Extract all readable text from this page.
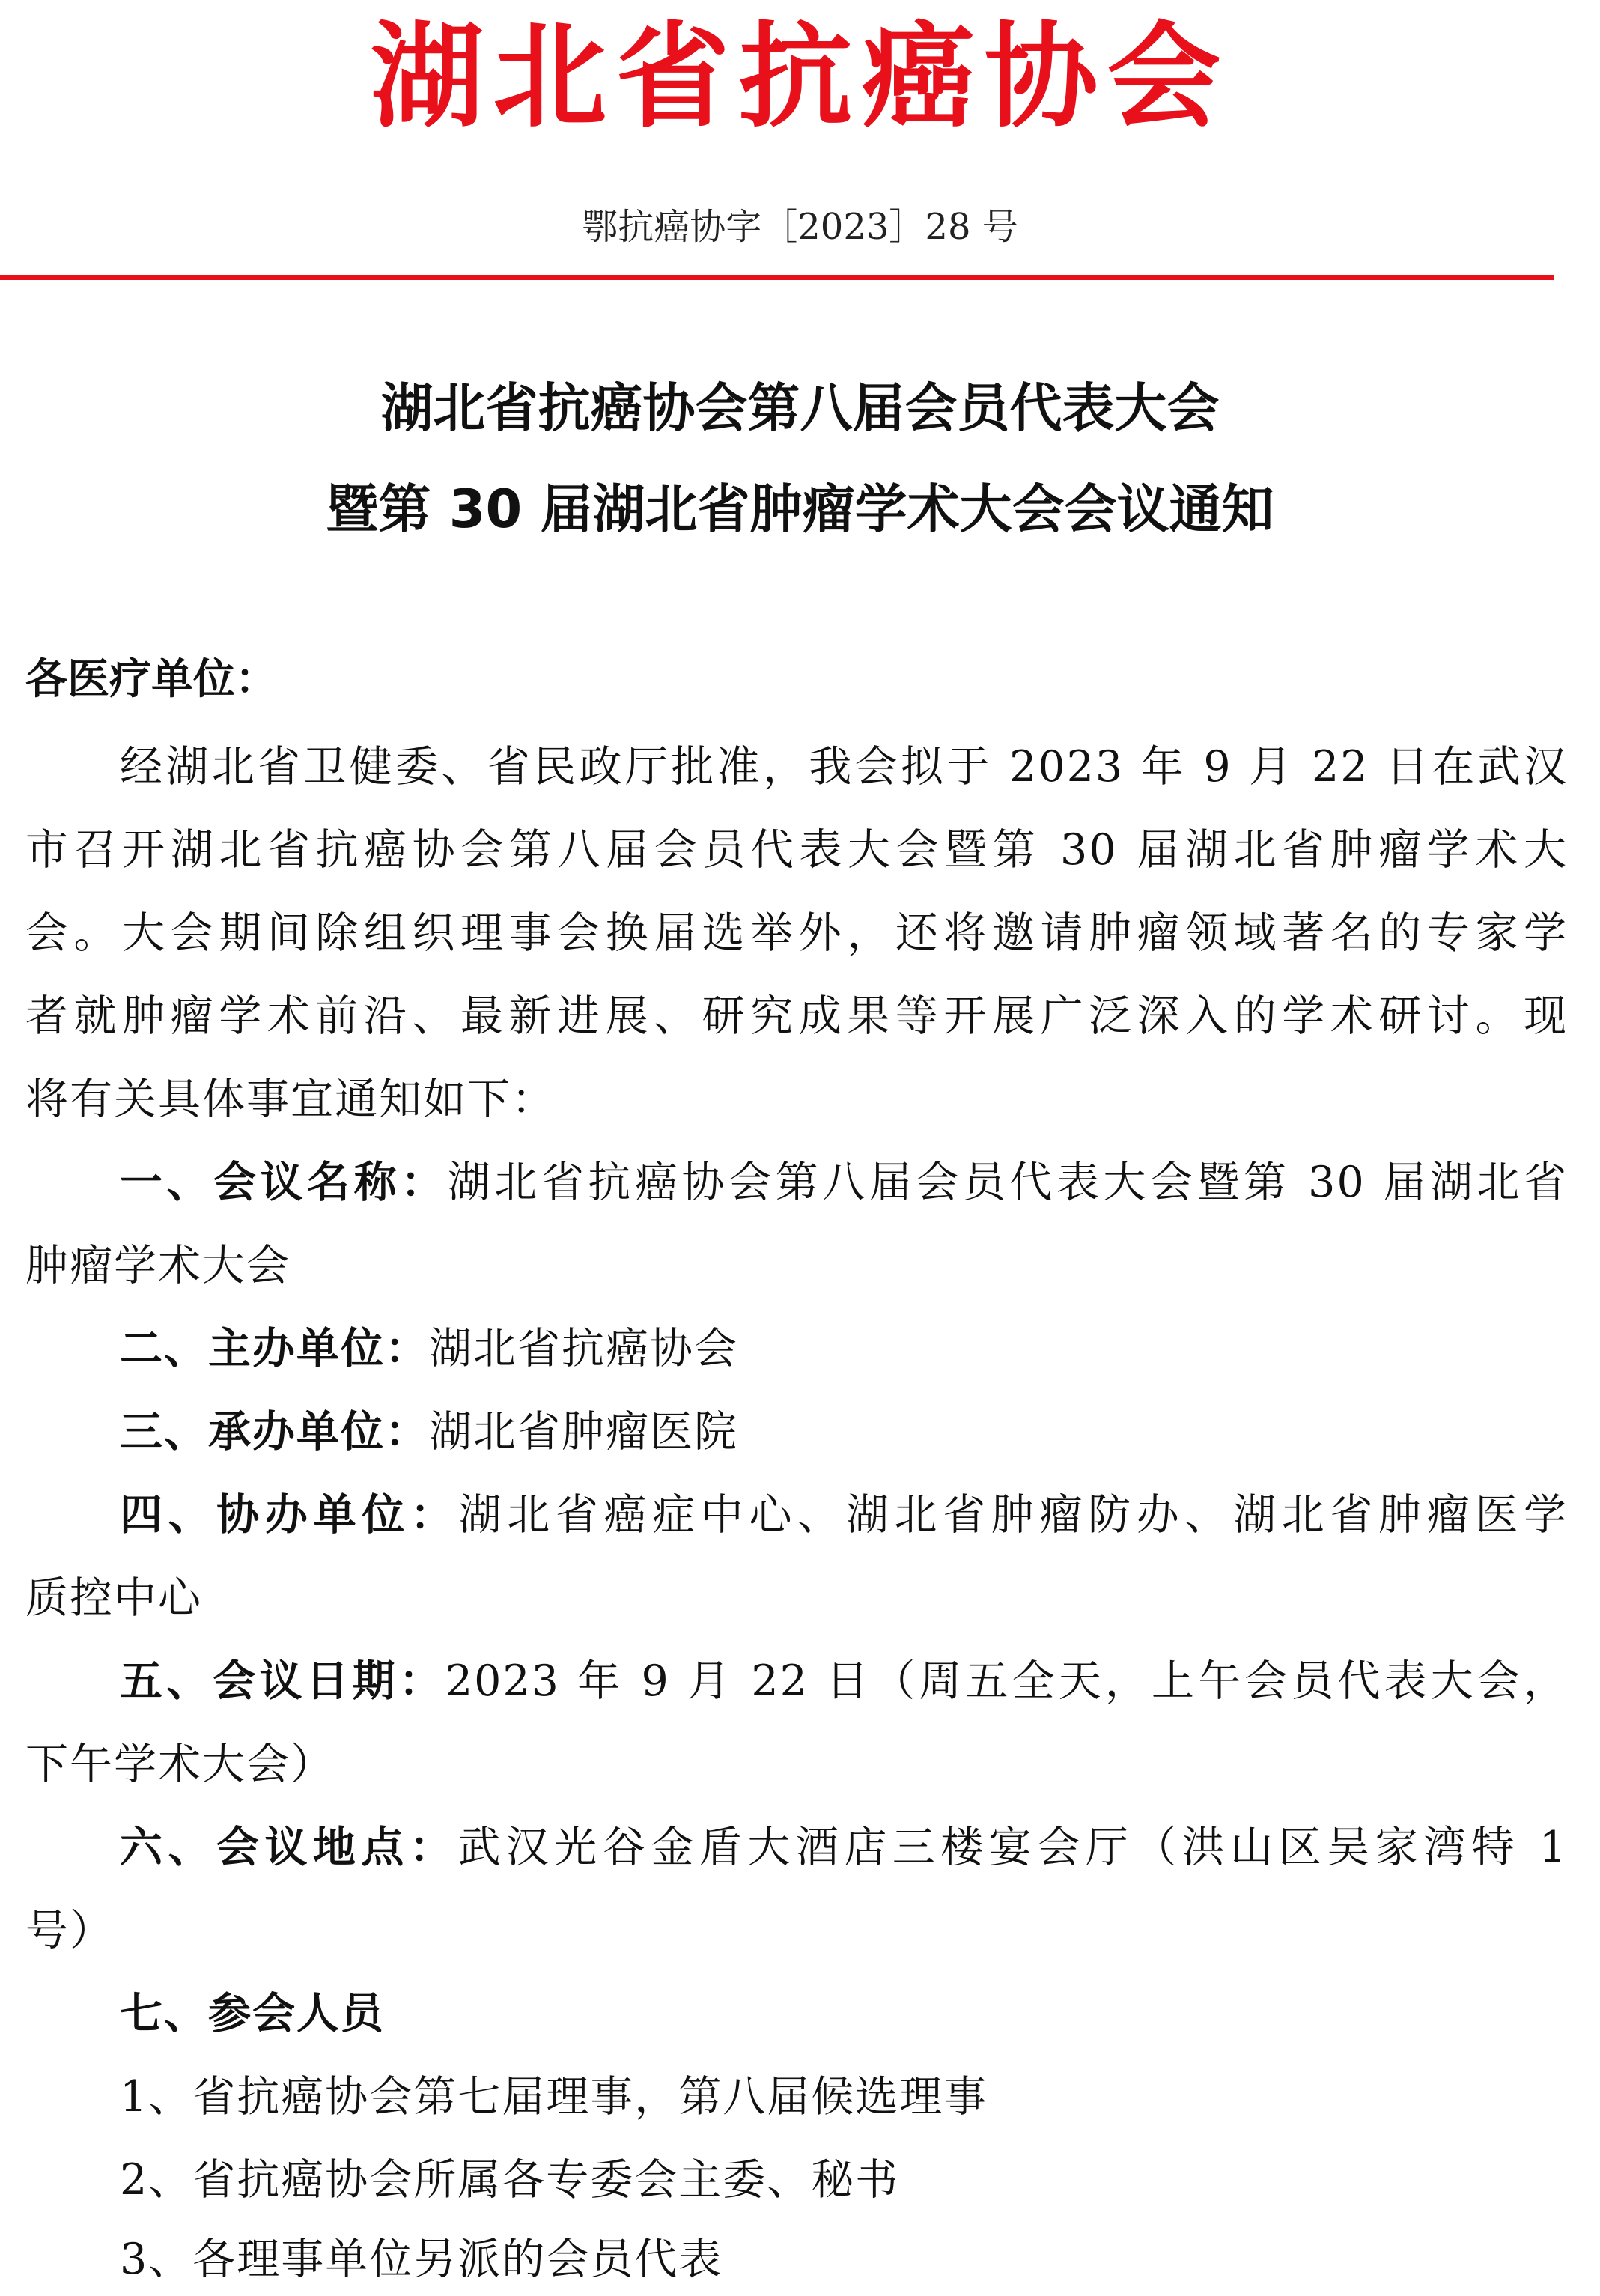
湖北省抗癌协会
鄂抗癌协字［2023］28 号
湖北省抗癌协会第八届会员代表大会
暨第 30 届湖北省肿瘤学术大会会议通知
各医疗单位：
经湖北省卫健委、省民政厅批准，我会拟于 2023 年 9 月 22 日在武汉
市召开湖北省抗癌协会第八届会员代表大会暨第 30 届湖北省肿瘤学术大
会。大会期间除组织理事会换届选举外，还将邀请肿瘤领域著名的专家学
者就肿瘤学术前沿、最新进展、研究成果等开展广泛深入的学术研讨。现
将有关具体事宜通知如下：
一、会议名称：湖北省抗癌协会第八届会员代表大会暨第 30 届湖北省
肿瘤学术大会
二、主办单位：湖北省抗癌协会
三、承办单位：湖北省肿瘤医院
四、协办单位：湖北省癌症中心、湖北省肿瘤防办、湖北省肿瘤医学
质控中心
五、会议日期：2023 年 9 月 22 日（周五全天，上午会员代表大会，
下午学术大会）
六、会议地点：武汉光谷金盾大酒店三楼宴会厅（洪山区吴家湾特 1
号）
七、参会人员
1、省抗癌协会第七届理事，第八届候选理事
2、省抗癌协会所属各专委会主委、秘书
3、各理事单位另派的会员代表
